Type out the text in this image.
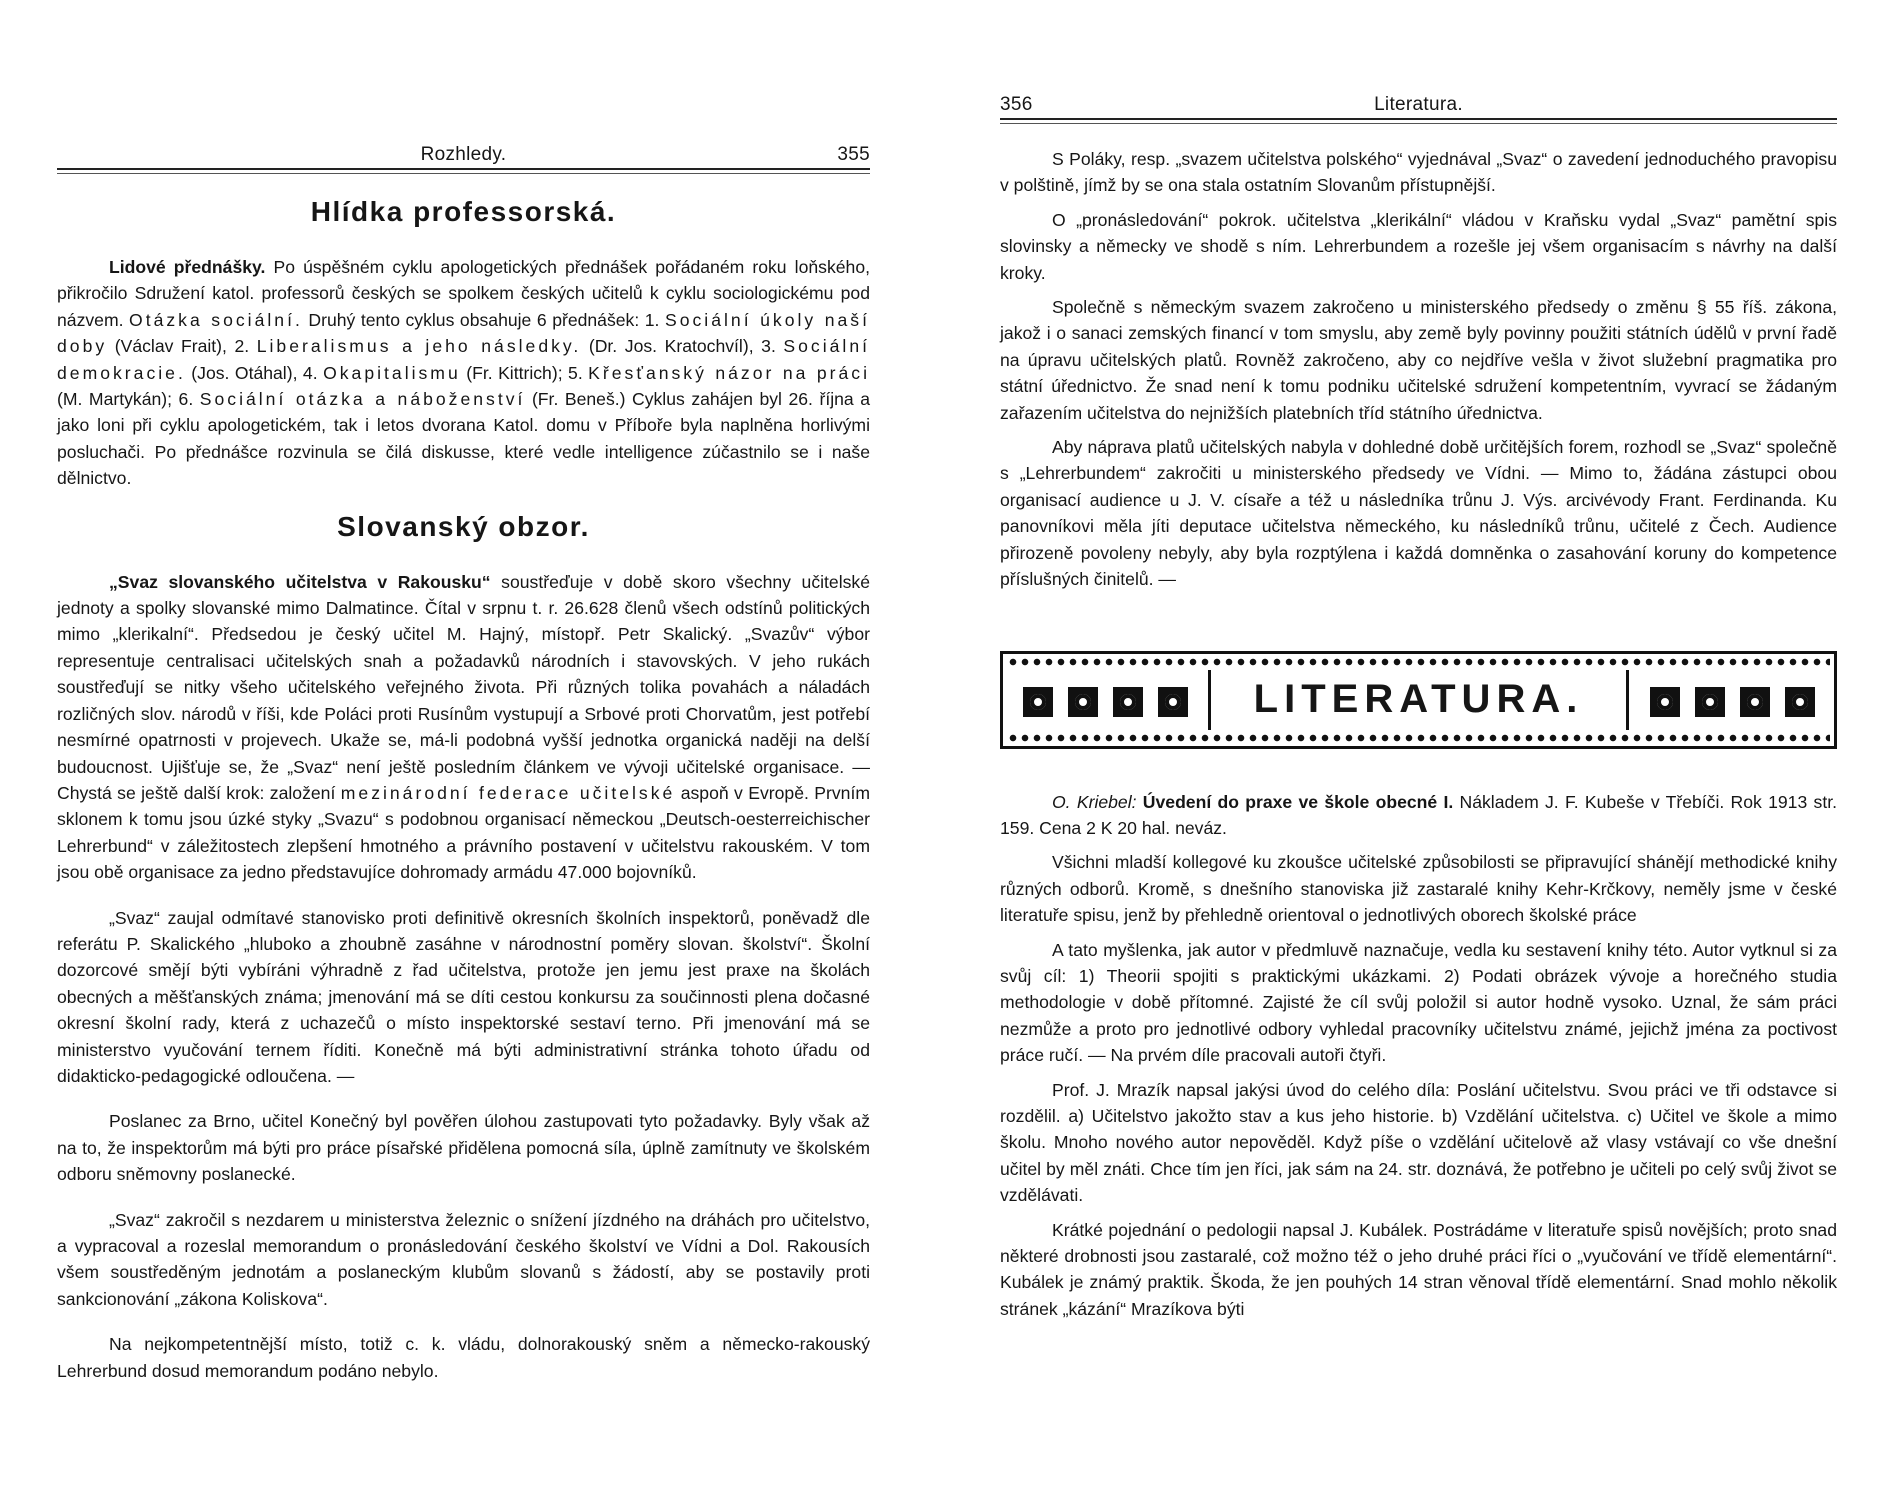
Rozhledy.	355
Hlídka professorská.

Lidové přednášky. Po úspěšném cyklu apologetických přednášek pořádaném roku loňského, přikročilo Sdružení katol. professorů českých se spolkem českých učitelů k cyklu sociologickému pod názvem. Otázka sociální. Druhý tento cyklus obsahuje 6 přednášek: 1. Sociální úkoly naší doby (Václav Frait), 2. Liberalismus a jeho následky. (Dr. Jos. Kratochvíl), 3. Sociální demokracie. (Jos. Otáhal), 4. Okapitalismu (Fr. Kittrich); 5. Křesťanský názor na práci (M. Martykán); 6. Sociální otázka a náboženství (Fr. Beneš.) Cyklus zahájen byl 26. října a jako loni při cyklu apologetickém, tak i letos dvorana Katol. domu v Příboře byla naplněna horlivými posluchači. Po přednášce rozvinula se čilá diskusse, které vedle intelligence zúčastnilo se i naše dělnictvo.

Slovanský obzor.

„Svaz slovanského učitelstva v Rakousku“ soustřeďuje v době skoro všechny učitelské jednoty a spolky slovanské mimo Dalmatince. Čítal v srpnu t. r. 26.628 členů všech odstínů politických mimo „klerikalní“. Předsedou je český učitel M. Hajný, místopř. Petr Skalický. „Svazův“ výbor representuje centralisaci učitelských snah a požadavků národních i stavovských. V jeho rukách soustřeďují se nitky všeho učitelského veřejného života. Při různých tolika povahách a náladách rozličných slov. národů v říši, kde Poláci proti Rusínům vystupují a Srbové proti Chorvatům, jest potřebí nesmírné opatrnosti v projevech. Ukaže se, má-li podobná vyšší jednotka organická naději na delší budoucnost. Ujišťuje se, že „Svaz“ není ještě posledním článkem ve vývoji učitelské organisace. — Chystá se ještě další krok: založení mezinárodní federace učitelské aspoň v Evropě. Prvním sklonem k tomu jsou úzké styky „Svazu“ s podobnou organisací německou „Deutsch-oesterreichischer Lehrerbund“ v záležitostech zlepšení hmotného a právního postavení v učitelstvu rakouském. V tom jsou obě organisace za jedno představujíce dohromady armádu 47.000 bojovníků.

„Svaz“ zaujal odmítavé stanovisko proti definitivě okresních školních inspektorů, poněvadž dle referátu P. Skalického „hluboko a zhoubně zasáhne v národnostní poměry slovan. školství“. Školní dozorcové smějí býti vybíráni výhradně z řad učitelstva, protože jen jemu jest praxe na školách obecných a měšťanských známa; jmenování má se díti cestou konkursu za součinnosti plena dočasné okresní školní rady, která z uchazečů o místo inspektorské sestaví terno. Při jmenování má se ministerstvo vyučování ternem říditi. Konečně má býti administrativní stránka tohoto úřadu od didakticko-pedagogické odloučena. —

Poslanec za Brno, učitel Konečný byl pověřen úlohou zastupovati tyto požadavky. Byly však až na to, že inspektorům má býti pro práce písařské přidělena pomocná síla, úplně zamítnuty ve školském odboru sněmovny poslanecké.

„Svaz“ zakročil s nezdarem u ministerstva železnic o snížení jízdného na dráhách pro učitelstvo, a vypracoval a rozeslal memorandum o pronásledování českého školství ve Vídni a Dol. Rakousích všem soustředěným jednotám a poslaneckým klubům slovanů s žádostí, aby se postavily proti sankcionování „zákona Koliskova“.

Na nejkompetentnější místo, totiž c. k. vládu, dolnorakouský sněm a německo-rakouský Lehrerbund dosud memorandum podáno nebylo.

356	Literatura.

S Poláky, resp. „svazem učitelstva polského“ vyjednával „Svaz“ o zavedení jednoduchého pravopisu v polštině, jímž by se ona stala ostatním Slovanům přístupnější.

O „pronásledování“ pokrok. učitelstva „klerikální“ vládou v Kraňsku vydal „Svaz“ pamětní spis slovinsky a německy ve shodě s ním. Lehrerbundem a rozešle jej všem organisacím s návrhy na další kroky.

Společně s německým svazem zakročeno u ministerského předsedy o změnu § 55 říš. zákona, jakož i o sanaci zemských financí v tom smyslu, aby země byly povinny použiti státních údělů v první řadě na úpravu učitelských platů. Rovněž zakročeno, aby co nejdříve vešla v život služební pragmatika pro státní úřednictvo. Že snad není k tomu podniku učitelské sdružení kompetentním, vyvrací se žádaným zařazením učitelstva do nejnižších platebních tříd státního úřednictva.

Aby náprava platů učitelských nabyla v dohledné době určitějších forem, rozhodl se „Svaz“ společně s „Lehrerbundem“ zakročiti u ministerského předsedy ve Vídni. — Mimo to, žádána zástupci obou organisací audience u J. V. císaře a též u následníka trůnu J. Výs. arcivévody Frant. Ferdinanda. Ku panovníkovi měla jíti deputace učitelstva německého, ku následníků trůnu, učitelé z Čech. Audience přirozeně povoleny nebyly, aby byla rozptýlena i každá domněnka o zasahování koruny do kompetence příslušných činitelů. —

LITERATURA.

O. Kriebel: Úvedení do praxe ve škole obecné I. Nákladem J. F. Kubeše v Třebíči. Rok 1913 str. 159. Cena 2 K 20 hal. neváz.

Všichni mladší kollegové ku zkoušce učitelské způsobilosti se připravující shánějí methodické knihy různých odborů. Kromě, s dnešního stanoviska již zastaralé knihy Kehr-Krčkovy, neměly jsme v české literatuře spisu, jenž by přehledně orientoval o jednotlivých oborech školské práce

A tato myšlenka, jak autor v předmluvě naznačuje, vedla ku sestavení knihy této. Autor vytknul si za svůj cíl: 1) Theorii spojiti s praktickými ukázkami. 2) Podati obrázek vývoje a horečného studia methodologie v době přítomné. Zajisté že cíl svůj položil si autor hodně vysoko. Uznal, že sám práci nezmůže a proto pro jednotlivé odbory vyhledal pracovníky učitelstvu známé, jejichž jména za poctivost práce ručí. — Na prvém díle pracovali autoři čtyři.

Prof. J. Mrazík napsal jakýsi úvod do celého díla: Poslání učitelstvu. Svou práci ve tři odstavce si rozdělil. a) Učitelstvo jakožto stav a kus jeho historie. b) Vzdělání učitelstva. c) Učitel ve škole a mimo školu. Mnoho nového autor nepověděl. Když píše o vzdělání učitelově až vlasy vstávají co vše dnešní učitel by měl znáti. Chce tím jen říci, jak sám na 24. str. doznává, že potřebno je učiteli po celý svůj život se vzdělávati.

Krátké pojednání o pedologii napsal J. Kubálek. Postrádáme v literatuře spisů novějších; proto snad některé drobnosti jsou zastaralé, což možno též o jeho druhé práci říci o „vyučování ve třídě elementární“. Kubálek je známý praktik. Škoda, že jen pouhých 14 stran věnoval třídě elementární. Snad mohlo několik stránek „kázání“ Mrazíkova býti
